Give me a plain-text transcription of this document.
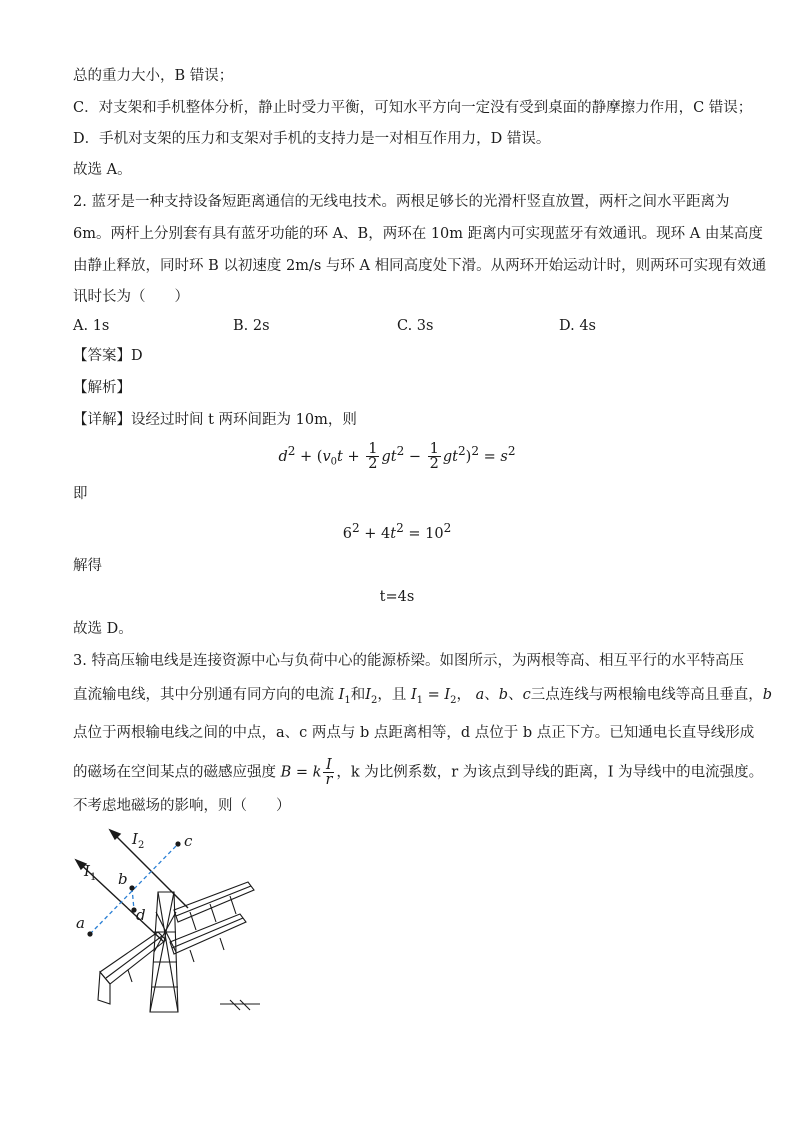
总的重力大小，B 错误；
C．对支架和手机整体分析，静止时受力平衡，可知水平方向一定没有受到桌面的静摩擦力作用，C 错误；
D．手机对支架的压力和支架对手机的支持力是一对相互作用力，D 错误。
故选 A。
2. 蓝牙是一种支持设备短距离通信的无线电技术。两根足够长的光滑杆竖直放置，两杆之间水平距离为
6m。两杆上分别套有具有蓝牙功能的环 A、B，两环在 10m 距离内可实现蓝牙有效通讯。现环 A 由某高度
由静止释放，同时环 B 以初速度 2m/s 与环 A 相同高度处下滑。从两环开始运动计时，则两环可实现有效通
讯时长为（　　）
A. 1s	B. 2s	C. 3s	D. 4s
【答案】D
【解析】
【详解】设经过时间 t 两环间距为 10m，则
$d^2 + (v_0t + \frac{1}{2} gt^2 - \frac{1}{2} gt^2)^2 = s^2$
即
$6^2 + 4t^2 = 10^2$
解得
t=4s
故选 D。
3. 特高压输电线是连接资源中心与负荷中心的能源桥梁。如图所示，为两根等高、相互平行的水平特高压
直流输电线，其中分别通有同方向的电流 $I_1$和$I_2$，且 $I_1 = I_2$， a、b、c三点连线与两根输电线等高且垂直，b
点位于两根输电线之间的中点，a、c 两点与 b 点距离相等，d 点位于 b 点正下方。已知通电长直导线形成
的磁场在空间某点的磁感应强度 B = k $\frac{I}{r}$ ，k 为比例系数，r 为该点到导线的距离，I 为导线中的电流强度。
不考虑地磁场的影响，则（　　）
$I_2$
$I_1$
c
b
a	d
